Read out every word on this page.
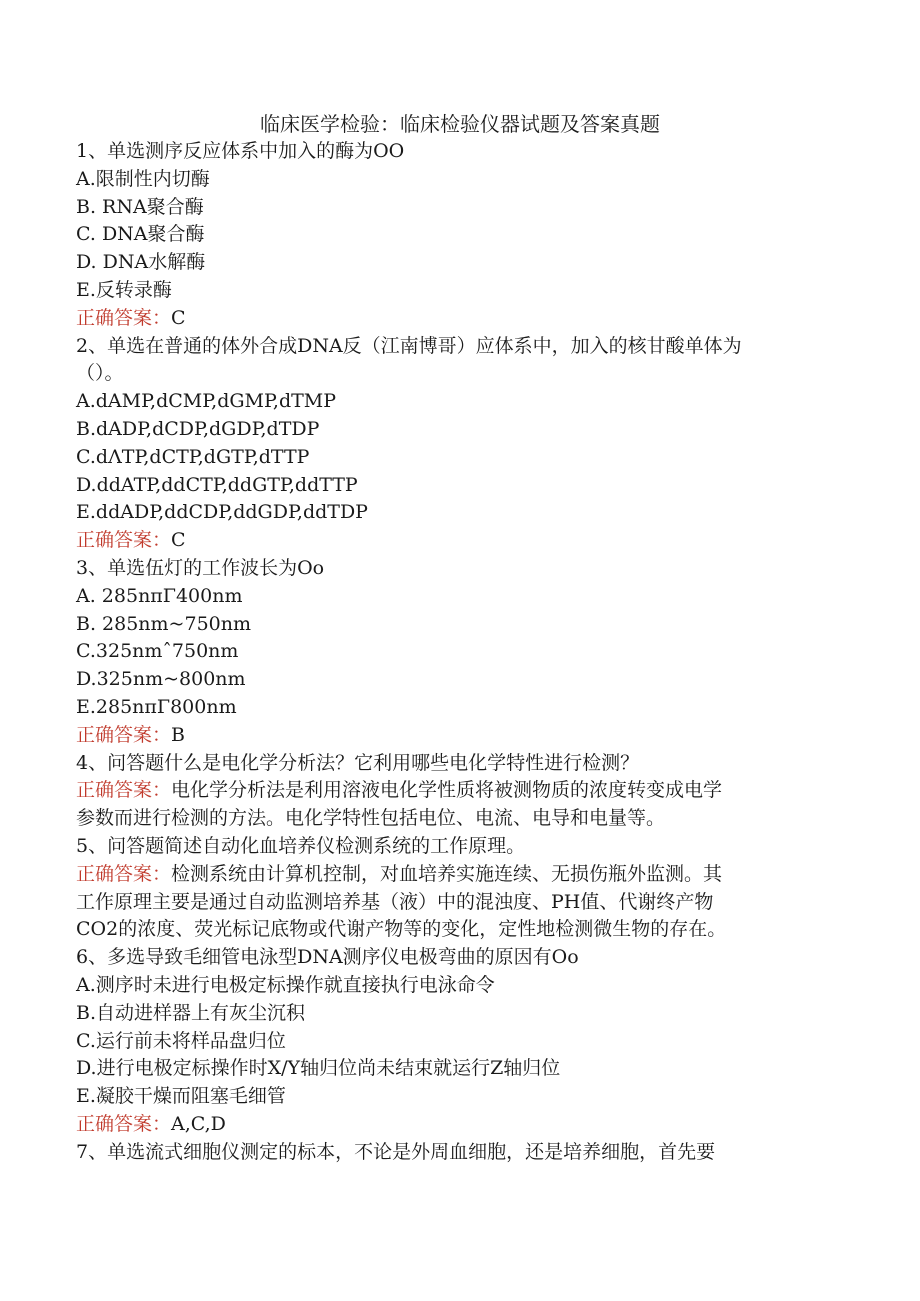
临床医学检验：临床检验仪器试题及答案真题
1、单选测序反应体系中加入的酶为OO
A.限制性内切酶
B. RNA聚合酶
C. DNA聚合酶
D. DNA水解酶
E.反转录酶
正确答案：C
2、单选在普通的体外合成DNA反（江南博哥）应体系中，加入的核甘酸单体为
（）。
A.dAMP,dCMP,dGMP,dTMP
B.dADP,dCDP,dGDP,dTDP
C.dΛTP,dCTP,dGTP,dTTP
D.ddATP,ddCTP,ddGTP,ddTTP
E.ddADP,ddCDP,ddGDP,ddTDP
正确答案：C
3、单选伍灯的工作波长为Oo
A. 285nπΓ400nm
B. 285nm~750nm
C.325nmˆ750nm
D.325nm~800nm
E.285nπΓ800nm
正确答案：B
4、问答题什么是电化学分析法？它利用哪些电化学特性进行检测？
正确答案：电化学分析法是利用溶液电化学性质将被测物质的浓度转变成电学
参数而进行检测的方法。电化学特性包括电位、电流、电导和电量等。
5、问答题简述自动化血培养仪检测系统的工作原理。
正确答案：检测系统由计算机控制，对血培养实施连续、无损伤瓶外监测。其
工作原理主要是通过自动监测培养基（液）中的混浊度、PH值、代谢终产物
CO2的浓度、荧光标记底物或代谢产物等的变化，定性地检测微生物的存在。
6、多选导致毛细管电泳型DNA测序仪电极弯曲的原因有Oo
A.测序时未进行电极定标操作就直接执行电泳命令
B.自动进样器上有灰尘沉积
C.运行前未将样品盘归位
D.进行电极定标操作时X/Y轴归位尚未结束就运行Z轴归位
E.凝胶干燥而阻塞毛细管
正确答案：A,C,D
7、单选流式细胞仪测定的标本，不论是外周血细胞，还是培养细胞，首先要
